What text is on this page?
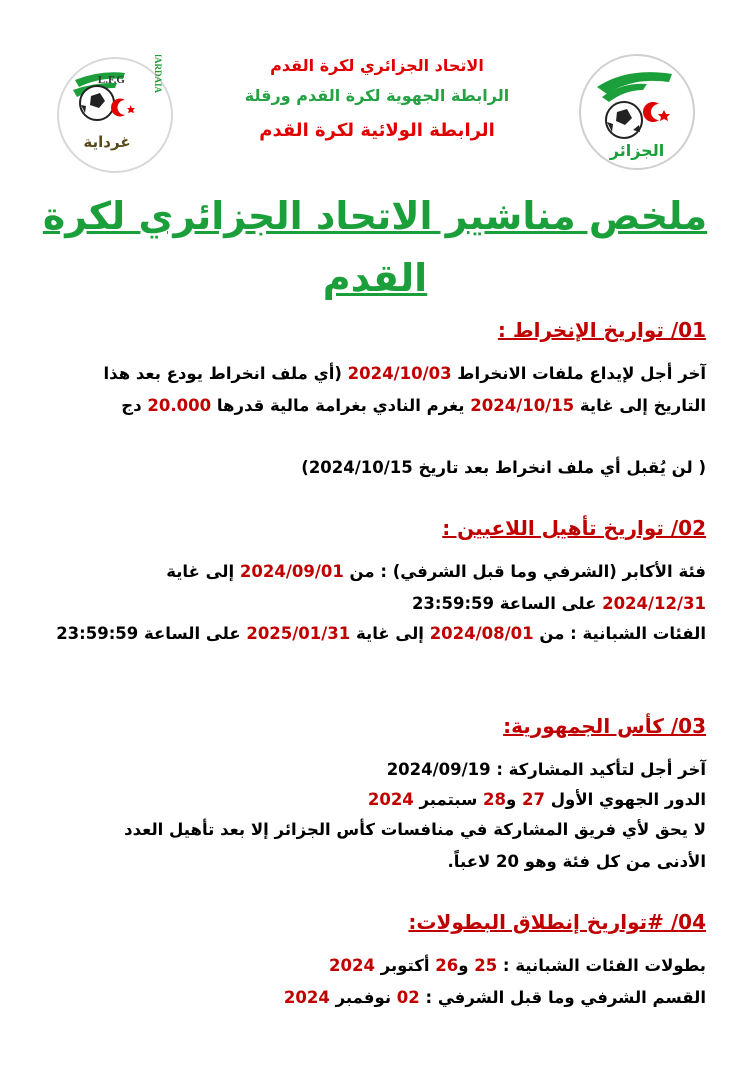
FAF
الجزائر
L.F.G	GHARDAIA
غرداية
الاتحاد الجزائري لكرة القدم
الرابطة الجهوية لكرة القدم ورقلة
الرابطة الولائية لكرة القدم
ملخص مناشير الاتحاد الجزائري لكرة القدم
01/ تواريخ الإنخراط :
آخر أجل لإيداع ملفات الانخراط 2024/10/03 (أي ملف انخراط يودع بعد هذا التاريخ إلى غاية 2024/10/15 يغرم النادي بغرامة مالية قدرها 20.000 دج
( لن يُقبل أي ملف انخراط بعد تاريخ 2024/10/15)
02/ تواريخ تأهيل اللاعبين :
فئة الأكابر (الشرفي وما قبل الشرفي) : من 2024/09/01 إلى غاية 2024/12/31 على الساعة 23:59:59
الفئات الشبانية : من 2024/08/01 إلى غاية 2025/01/31 على الساعة 23:59:59
03/ كأس الجمهورية:
آخر أجل لتأكيد المشاركة : 2024/09/19
الدور الجهوي الأول 27 و28 سبتمبر 2024
لا يحق لأي فريق المشاركة في منافسات كأس الجزائر إلا بعد تأهيل العدد الأدنى من كل فئة وهو 20 لاعباً.
04/ #تواريخ إنطلاق البطولات:
بطولات الفئات الشبانية : 25 و26 أكتوبر 2024
القسم الشرفي وما قبل الشرفي : 02 نوفمبر 2024
